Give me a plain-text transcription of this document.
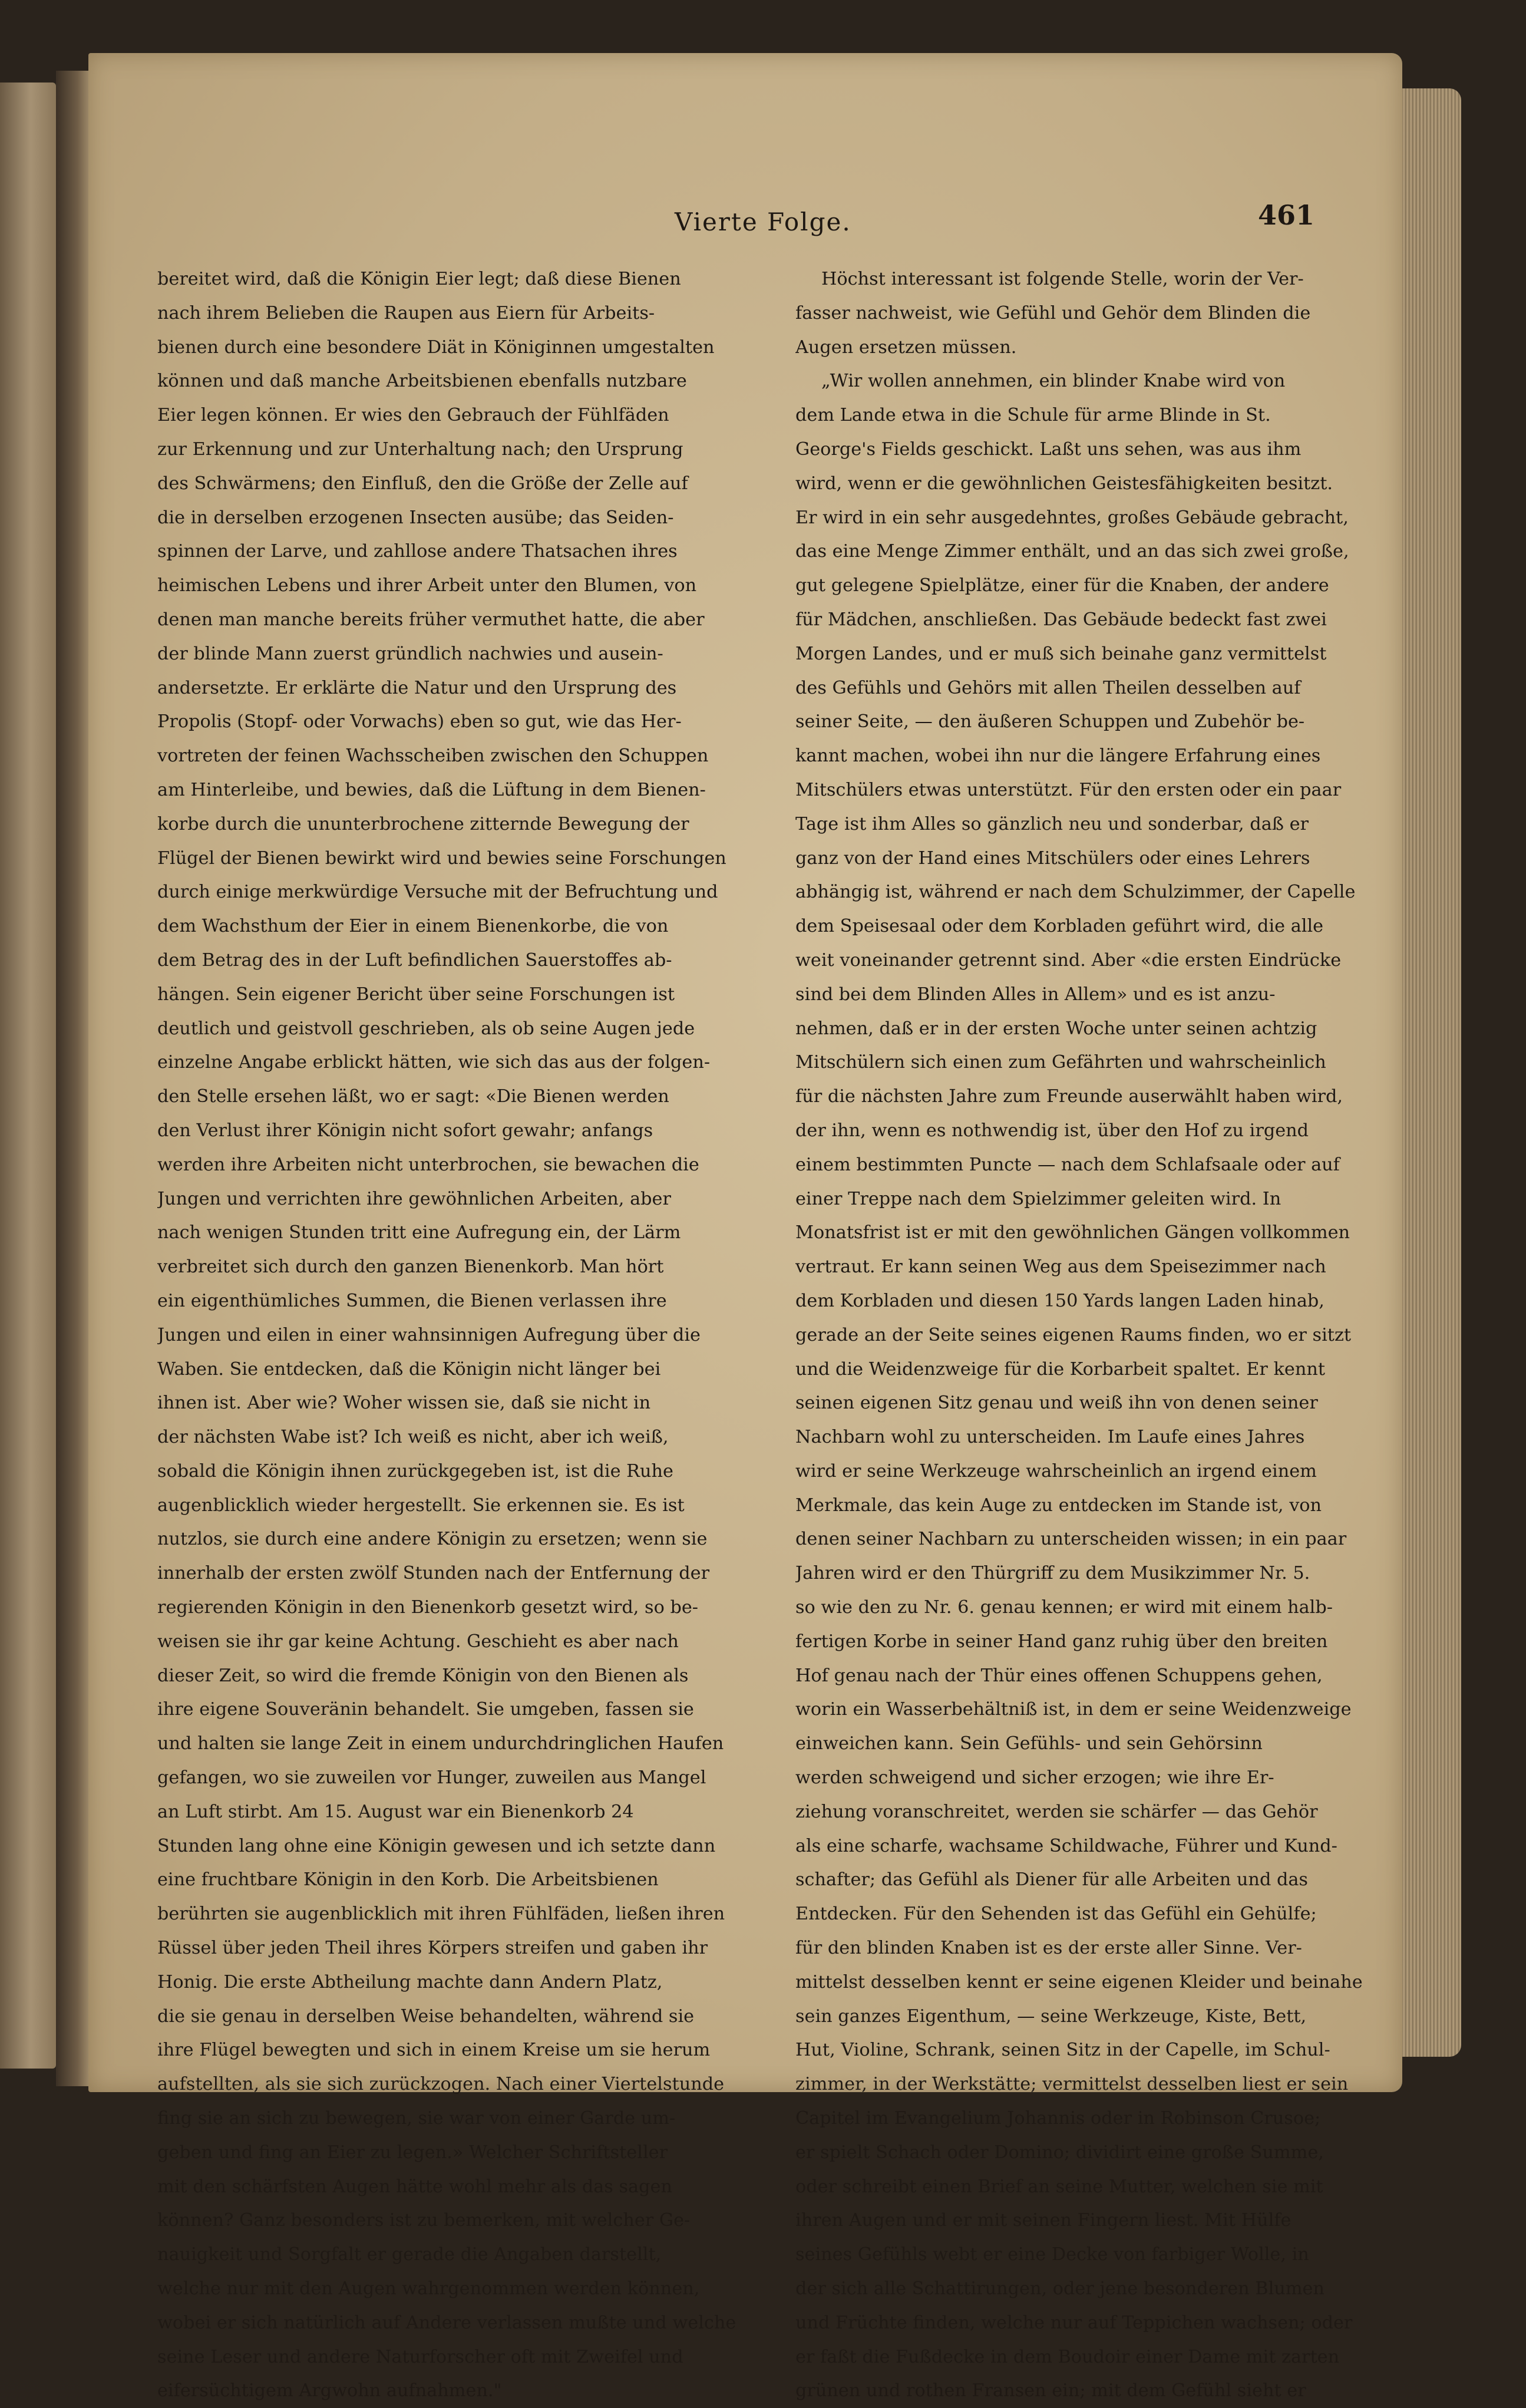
Vierte Folge.	461
bereitet wird, daß die Königin Eier legt; daß diese Bienen
nach ihrem Belieben die Raupen aus Eiern für Arbeits-
bienen durch eine besondere Diät in Königinnen umgestalten
können und daß manche Arbeitsbienen ebenfalls nutzbare
Eier legen können. Er wies den Gebrauch der Fühlfäden
zur Erkennung und zur Unterhaltung nach; den Ursprung
des Schwärmens; den Einfluß, den die Größe der Zelle auf
die in derselben erzogenen Insecten ausübe; das Seiden-
spinnen der Larve, und zahllose andere Thatsachen ihres
heimischen Lebens und ihrer Arbeit unter den Blumen, von
denen man manche bereits früher vermuthet hatte, die aber
der blinde Mann zuerst gründlich nachwies und ausein-
andersetzte. Er erklärte die Natur und den Ursprung des
Propolis (Stopf- oder Vorwachs) eben so gut, wie das Her-
vortreten der feinen Wachsscheiben zwischen den Schuppen
am Hinterleibe, und bewies, daß die Lüftung in dem Bienen-
korbe durch die ununterbrochene zitternde Bewegung der
Flügel der Bienen bewirkt wird und bewies seine Forschungen
durch einige merkwürdige Versuche mit der Befruchtung und
dem Wachsthum der Eier in einem Bienenkorbe, die von
dem Betrag des in der Luft befindlichen Sauerstoffes ab-
hängen. Sein eigener Bericht über seine Forschungen ist
deutlich und geistvoll geschrieben, als ob seine Augen jede
einzelne Angabe erblickt hätten, wie sich das aus der folgen-
den Stelle ersehen läßt, wo er sagt: «Die Bienen werden
den Verlust ihrer Königin nicht sofort gewahr; anfangs
werden ihre Arbeiten nicht unterbrochen, sie bewachen die
Jungen und verrichten ihre gewöhnlichen Arbeiten, aber
nach wenigen Stunden tritt eine Aufregung ein, der Lärm
verbreitet sich durch den ganzen Bienenkorb. Man hört
ein eigenthümliches Summen, die Bienen verlassen ihre
Jungen und eilen in einer wahnsinnigen Aufregung über die
Waben. Sie entdecken, daß die Königin nicht länger bei
ihnen ist. Aber wie? Woher wissen sie, daß sie nicht in
der nächsten Wabe ist? Ich weiß es nicht, aber ich weiß,
sobald die Königin ihnen zurückgegeben ist, ist die Ruhe
augenblicklich wieder hergestellt. Sie erkennen sie. Es ist
nutzlos, sie durch eine andere Königin zu ersetzen; wenn sie
innerhalb der ersten zwölf Stunden nach der Entfernung der
regierenden Königin in den Bienenkorb gesetzt wird, so be-
weisen sie ihr gar keine Achtung. Geschieht es aber nach
dieser Zeit, so wird die fremde Königin von den Bienen als
ihre eigene Souveränin behandelt. Sie umgeben, fassen sie
und halten sie lange Zeit in einem undurchdringlichen Haufen
gefangen, wo sie zuweilen vor Hunger, zuweilen aus Mangel
an Luft stirbt. Am 15. August war ein Bienenkorb 24
Stunden lang ohne eine Königin gewesen und ich setzte dann
eine fruchtbare Königin in den Korb. Die Arbeitsbienen
berührten sie augenblicklich mit ihren Fühlfäden, ließen ihren
Rüssel über jeden Theil ihres Körpers streifen und gaben ihr
Honig. Die erste Abtheilung machte dann Andern Platz,
die sie genau in derselben Weise behandelten, während sie
ihre Flügel bewegten und sich in einem Kreise um sie herum
aufstellten, als sie sich zurückzogen. Nach einer Viertelstunde
fing sie an sich zu bewegen, sie war von einer Garde um-
geben und fing an Eier zu legen.» Welcher Schriftsteller
mit den schärfsten Augen hätte wohl mehr als das sagen
können? Ganz besonders ist zu bemerken, mit welcher Ge-
nauigkeit und Sorgfalt er gerade die Angaben darstellt,
welche nur mit den Augen wahrgenommen werden können,
wobei er sich natürlich auf Andere verlassen mußte und welche
seine Leser und andere Naturforscher oft mit Zweifel und
eifersüchtigem Argwohn aufnahmen."
Höchst interessant ist folgende Stelle, worin der Ver-
fasser nachweist, wie Gefühl und Gehör dem Blinden die
Augen ersetzen müssen.
„Wir wollen annehmen, ein blinder Knabe wird von
dem Lande etwa in die Schule für arme Blinde in St.
George's Fields geschickt. Laßt uns sehen, was aus ihm
wird, wenn er die gewöhnlichen Geistesfähigkeiten besitzt.
Er wird in ein sehr ausgedehntes, großes Gebäude gebracht,
das eine Menge Zimmer enthält, und an das sich zwei große,
gut gelegene Spielplätze, einer für die Knaben, der andere
für Mädchen, anschließen. Das Gebäude bedeckt fast zwei
Morgen Landes, und er muß sich beinahe ganz vermittelst
des Gefühls und Gehörs mit allen Theilen desselben auf
seiner Seite, — den äußeren Schuppen und Zubehör be-
kannt machen, wobei ihn nur die längere Erfahrung eines
Mitschülers etwas unterstützt. Für den ersten oder ein paar
Tage ist ihm Alles so gänzlich neu und sonderbar, daß er
ganz von der Hand eines Mitschülers oder eines Lehrers
abhängig ist, während er nach dem Schulzimmer, der Capelle
dem Speisesaal oder dem Korbladen geführt wird, die alle
weit voneinander getrennt sind. Aber «die ersten Eindrücke
sind bei dem Blinden Alles in Allem» und es ist anzu-
nehmen, daß er in der ersten Woche unter seinen achtzig
Mitschülern sich einen zum Gefährten und wahrscheinlich
für die nächsten Jahre zum Freunde auserwählt haben wird,
der ihn, wenn es nothwendig ist, über den Hof zu irgend
einem bestimmten Puncte — nach dem Schlafsaale oder auf
einer Treppe nach dem Spielzimmer geleiten wird. In
Monatsfrist ist er mit den gewöhnlichen Gängen vollkommen
vertraut. Er kann seinen Weg aus dem Speisezimmer nach
dem Korbladen und diesen 150 Yards langen Laden hinab,
gerade an der Seite seines eigenen Raums finden, wo er sitzt
und die Weidenzweige für die Korbarbeit spaltet. Er kennt
seinen eigenen Sitz genau und weiß ihn von denen seiner
Nachbarn wohl zu unterscheiden. Im Laufe eines Jahres
wird er seine Werkzeuge wahrscheinlich an irgend einem
Merkmale, das kein Auge zu entdecken im Stande ist, von
denen seiner Nachbarn zu unterscheiden wissen; in ein paar
Jahren wird er den Thürgriff zu dem Musikzimmer Nr. 5.
so wie den zu Nr. 6. genau kennen; er wird mit einem halb-
fertigen Korbe in seiner Hand ganz ruhig über den breiten
Hof genau nach der Thür eines offenen Schuppens gehen,
worin ein Wasserbehältniß ist, in dem er seine Weidenzweige
einweichen kann. Sein Gefühls- und sein Gehörsinn
werden schweigend und sicher erzogen; wie ihre Er-
ziehung voranschreitet, werden sie schärfer — das Gehör
als eine scharfe, wachsame Schildwache, Führer und Kund-
schafter; das Gefühl als Diener für alle Arbeiten und das
Entdecken. Für den Sehenden ist das Gefühl ein Gehülfe;
für den blinden Knaben ist es der erste aller Sinne. Ver-
mittelst desselben kennt er seine eigenen Kleider und beinahe
sein ganzes Eigenthum, — seine Werkzeuge, Kiste, Bett,
Hut, Violine, Schrank, seinen Sitz in der Capelle, im Schul-
zimmer, in der Werkstätte; vermittelst desselben liest er sein
Capitel im Evangelium Johannis oder in Robinson Crusoe;
er spielt Schach oder Domino; dividirt eine große Summe,
oder schreibt einen Brief an seine Mutter, welchen sie mit
ihren Augen und er mit seinen Fingern liest. Mit Hülfe
seines Gefühls webt er eine Decke von farbiger Wolle, in
der sich alle Schattirungen, oder jene besonderen Blumen
und Früchte finden, welche nur auf Teppichen wachsen; oder
er faßt die Fußdecke in dem Boudoir einer Dame mit zarten
grünen und rothen Fransen ein; mit dem Gefühl sieht er
